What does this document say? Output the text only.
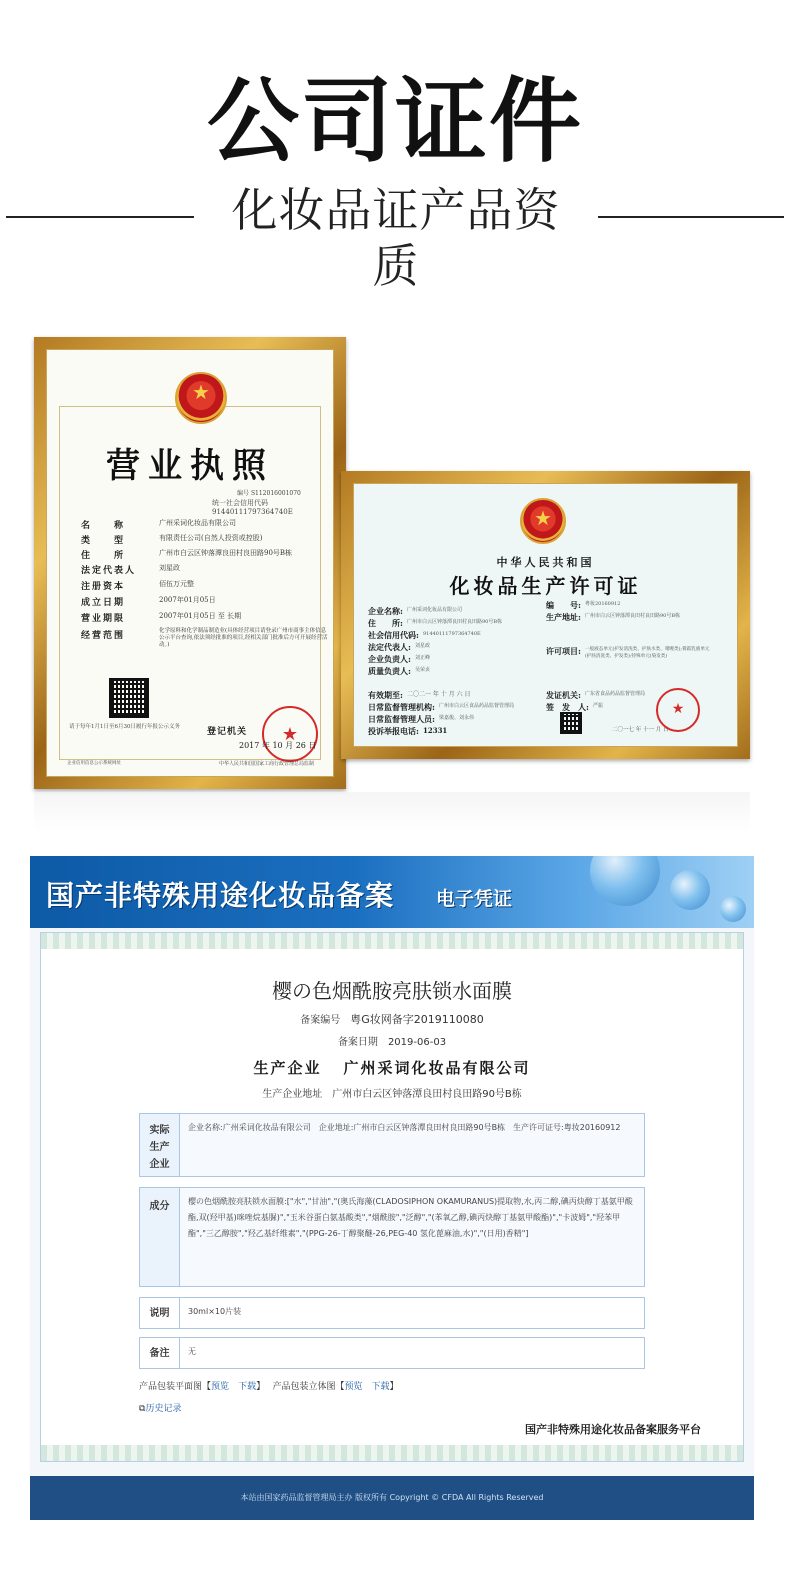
公司证件
化妆品证产品资质
★
营业执照
编号 S112016001070
统一社会信用代码　91440111797364740E
名　　称	广州采词化妆品有限公司
类　　型	有限责任公司(自然人投资或控股)
住　　所	广州市白云区钟落潭良田村良田路90号B栋
法定代表人	刘星政
注册资本	佰伍万元整
成立日期	2007年01月05日
营业期限	2007年01月05日 至 长期
经营范围	化学原料和化学制品制造业(具体经营项目请登录广州市商事主体信息公示平台查询,依法须经批准的项目,经相关部门批准后方可开展经营活动。)
★
请于每年1月1日至6月30日履行年报公示义务	登记机关
2017 年 10 月 26 日
企业信用信息公示系统网址	中华人民共和国国家工商行政管理总局监制
★
中华人民共和国
化妆品生产许可证
企业名称: 广州采词化妆品有限公司
住　　所: 广州市白云区钟落潭良田村良田路90号B栋
社会信用代码: 91440111797364740E
法定代表人: 刘星政
企业负责人: 刘正峰
质量负责人: 吴荣贞
编　　号: 粤妆20160912
生产地址: 广州市白云区钟落潭良田村良田路90号B栋
许可项目: 一般液态单元(护发清洗类、护肤水类、啫喱类);膏霜乳液单元(护肤清洗类、护发类);特殊单元(染发类)
有效期至: 二〇二一 年 十 月 六 日
日常监督管理机构: 广州市白云区食品药品监督管理局
日常监督管理人员: 梁嘉俊、刘永伟
投诉举报电话: 12331
发证机关: 广东省食品药品监督管理局
签　发　人: 严振
二〇一七 年 十一 月 日
★
国产非特殊用途化妆品备案 电子凭证
樱の色烟酰胺亮肤锁水面膜
备案编号　 粤G妆网备字2019110080
备案日期　 2019-06-03
生产企业 广州采词化妆品有限公司
生产企业地址　 广州市白云区钟落潭良田村良田路90号B栋
实际生产企业
企业名称:广州采词化妆品有限公司　企业地址:广州市白云区钟落潭良田村良田路90号B栋　生产许可证号:粤妆20160912
成分	樱の色烟酰胺亮肤锁水面膜:["水","甘油","(奥氏海藻(CLADOSIPHON OKAMURANUS)提取物,水,丙二醇,碘丙炔醇丁基氨甲酸酯,双(羟甲基)咪唑烷基脲)","玉米谷蛋白氨基酸类","烟酰胺","泛醇","(苯氧乙醇,碘丙炔醇丁基氨甲酸酯)","卡波姆","羟苯甲酯","三乙醇胺","羟乙基纤维素","(PPG-26-丁醇聚醚-26,PEG-40 氢化蓖麻油,水)","(日用)香精"]
说明	30ml×10片装
备注	无
产品包装平面图【预览　 下载】　 产品包装立体图【预览　 下载】
⧉历史记录
国产非特殊用途化妆品备案服务平台
本站由国家药品监督管理局主办 版权所有 Copyright © CFDA All Rights Reserved
